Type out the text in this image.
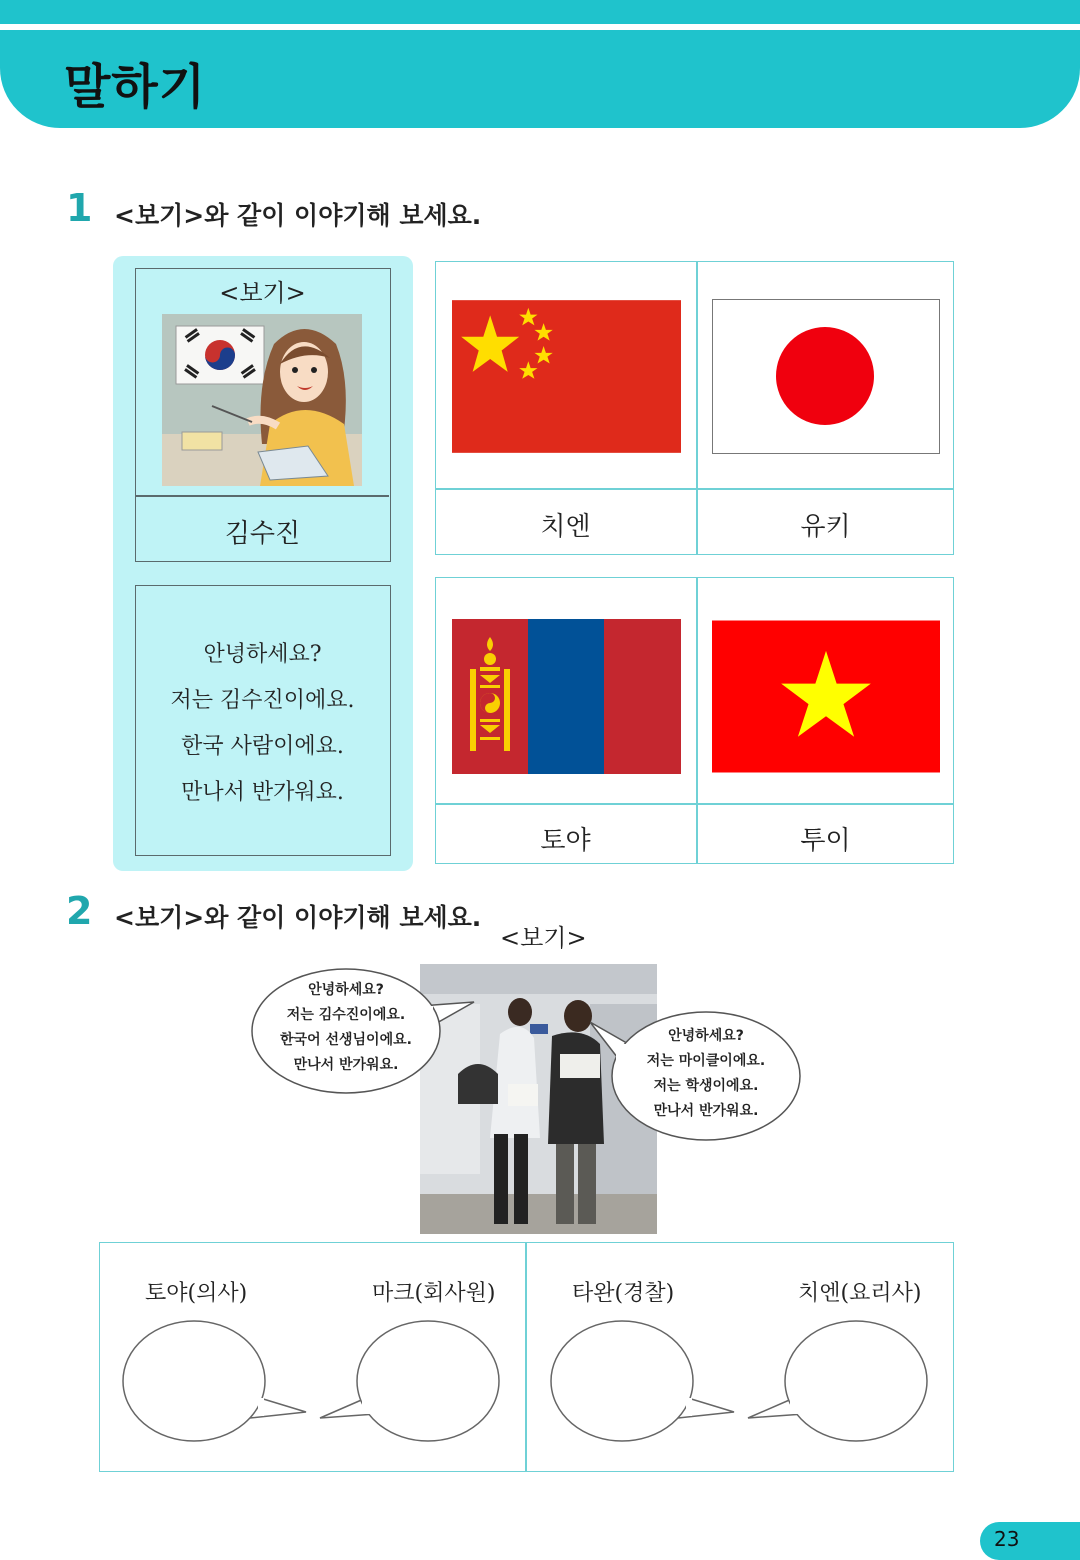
말하기
1 <보기>와 같이 이야기해 보세요.
<보기>
김수진
안녕하세요?
저는 김수진이에요.
한국 사람이에요.
만나서 반가워요.
치엔	유키
토야	투이
2 <보기>와 같이 이야기해 보세요.
<보기>
안녕하세요?
저는 김수진이에요.
한국어 선생님이에요.
만나서 반가워요.
안녕하세요?
저는 마이클이에요.
저는 학생이에요.
만나서 반가워요.
토야(의사)	마크(회사원)	타완(경찰)	치엔(요리사)
23
